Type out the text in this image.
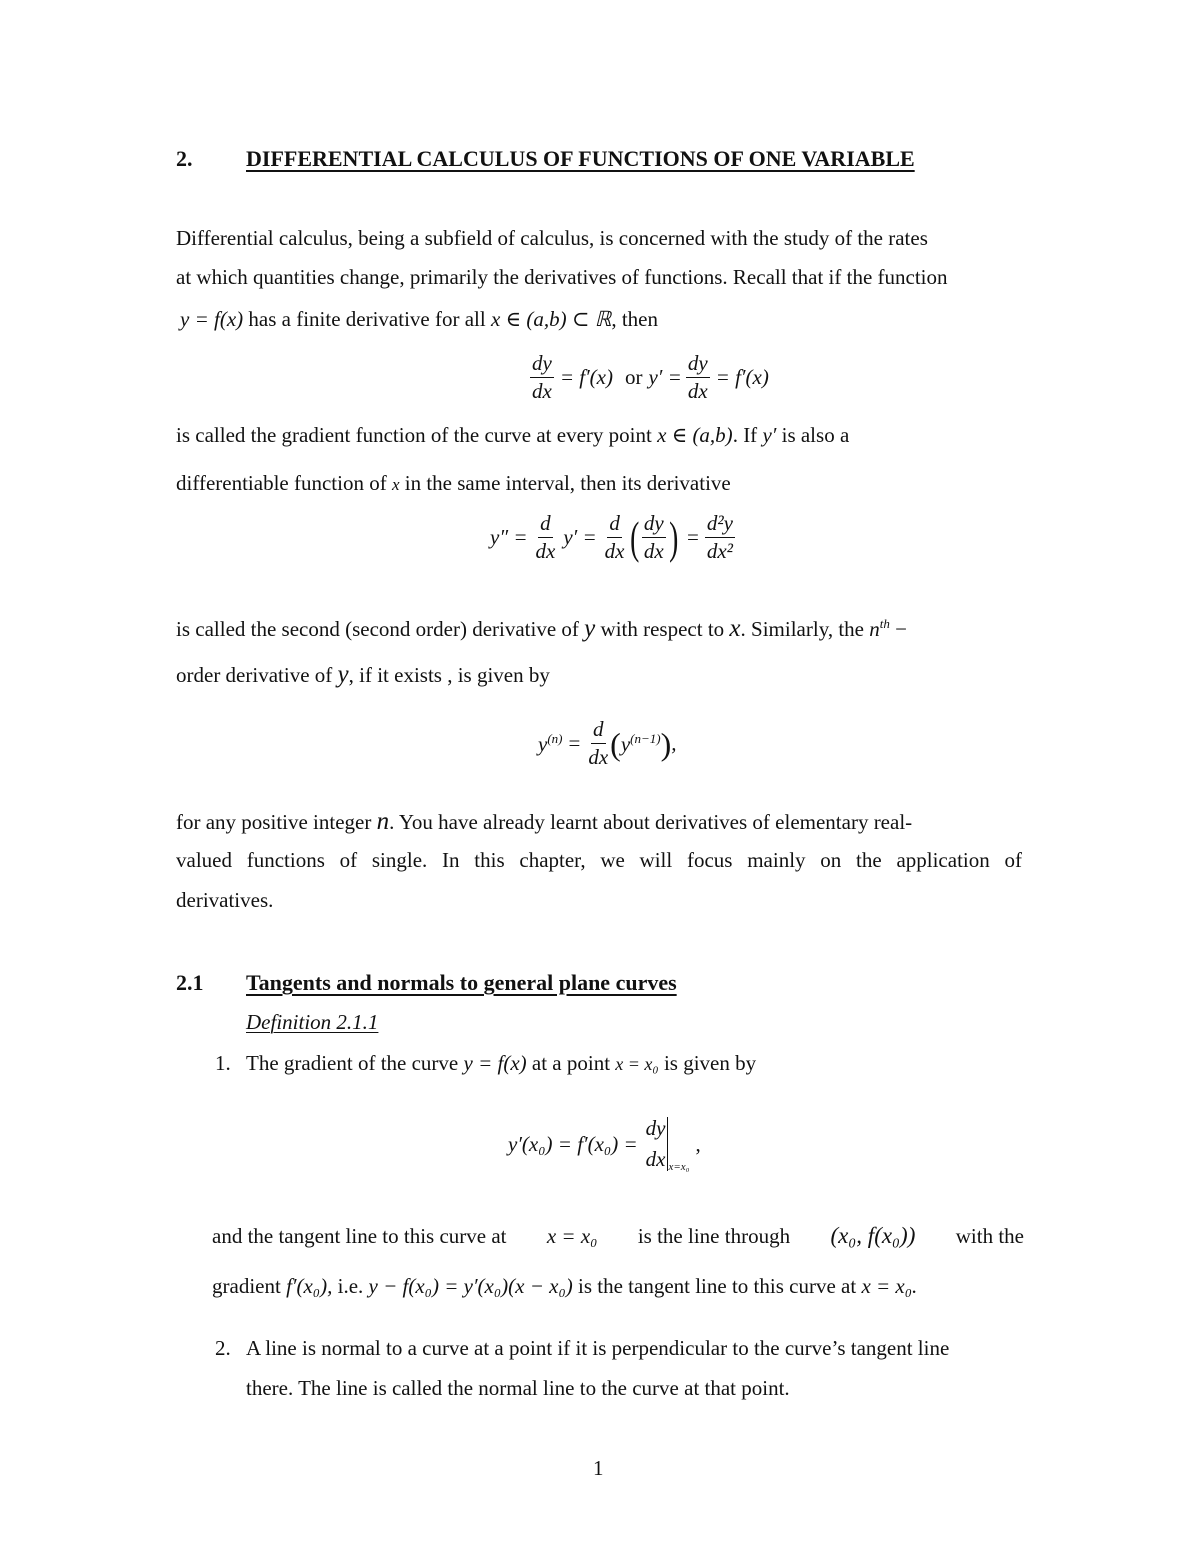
2. DIFFERENTIAL CALCULUS OF FUNCTIONS OF ONE VARIABLE
Differential calculus, being a subfield of calculus, is concerned with the study of the rates
at which quantities change, primarily the derivatives of functions. Recall that if the function
y = f(x) has a finite derivative for all x ∈ (a,b) ⊂ ℝ, then
$\frac{dy}{dx} = f'(x)$ or $y' = \frac{dy}{dx} = f'(x)$
is called the gradient function of the curve at every point x ∈ (a,b). If y′ is also a
differentiable function of x in the same interval, then its derivative
$y'' = \frac{d}{dx} y' = \frac{d}{dx}$ ( $\frac{dy}{dx}$ ) = $\frac{\text{d²y}}{\text{dx²}}$
is called the second (second order) derivative of y with respect to x. Similarly, the $n^{th}$ −
order derivative of y, if it exists , is given by
$y^{(n)} = \frac{d}{dx}$ ( $y^{(n-1)}$ ) ,
for any positive integer n. You have already learnt about derivatives of elementary real-
valued functions of single. In this chapter, we will focus mainly on the application of
derivatives.
2.1 Tangents and normals to general plane curves
Definition 2.1.1
1. The gradient of the curve y = f(x) at a point x = x₀ is given by
y′(x₀) = f′(x₀) =
dy
dx x=x₀
,
and the tangent line to this curve at x = x₀ is the line through (x₀, f(x₀)) with the
gradient f′(x₀), i.e. y − f(x₀) = y′(x₀)(x − x₀) is the tangent line to this curve at x = x₀.
2. A line is normal to a curve at a point if it is perpendicular to the curve’s tangent line
there. The line is called the normal line to the curve at that point.
1
